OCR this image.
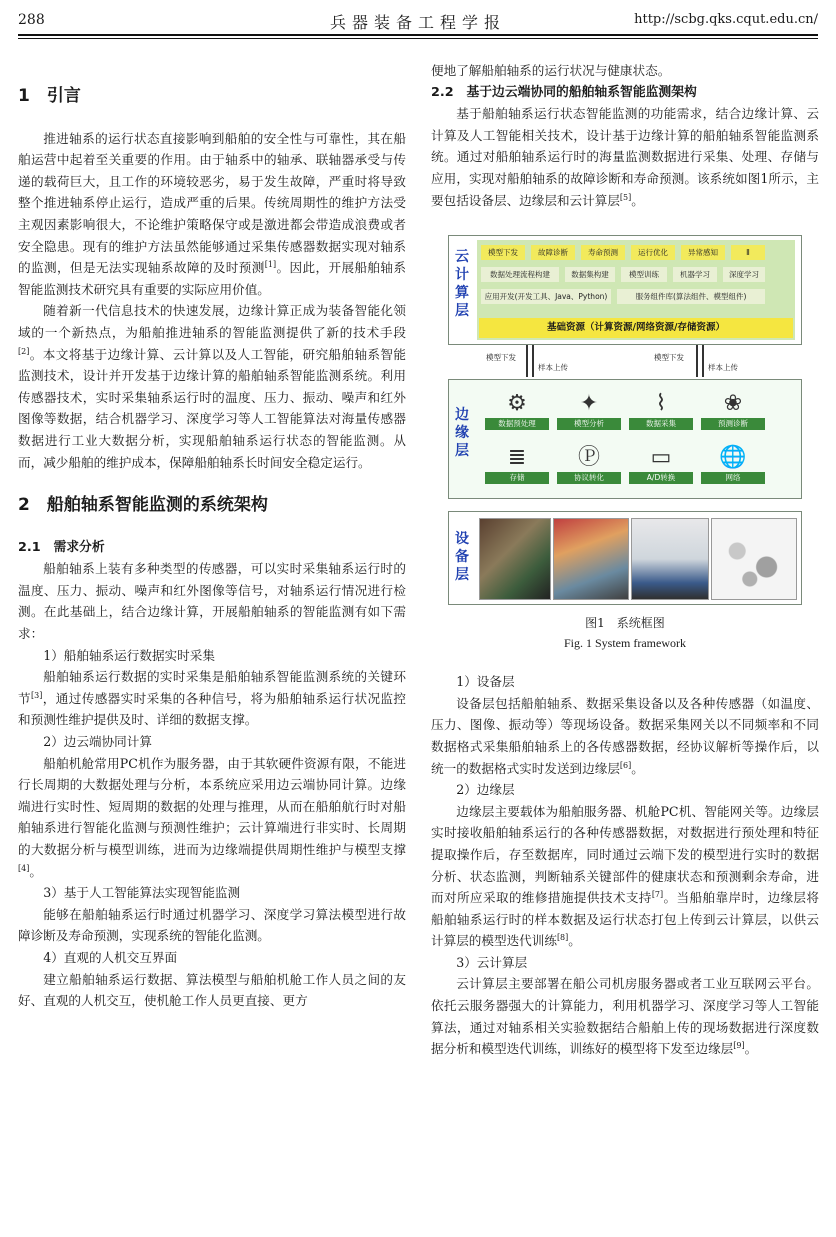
288	兵器装备工程学报	http://scbg.qks.cqut.edu.cn/
1　引言

推进轴系的运行状态直接影响到船舶的安全性与可靠性，其在船舶运营中起着至关重要的作用。由于轴系中的轴承、联轴器承受与传递的载荷巨大，且工作的环境较恶劣，易于发生故障，严重时将导致整个推进轴系停止运行，造成严重的后果。传统周期性的维护方法受主观因素影响很大，不论维护策略保守或是激进都会带造成浪费或者安全隐患。现有的维护方法虽然能够通过采集传感器数据实现对轴系的监测，但是无法实现轴系故障的及时预测[1]。因此，开展船舶轴系智能监测技术研究具有重要的实际应用价值。

随着新一代信息技术的快速发展，边缘计算正成为装备智能化领域的一个新热点，为船舶推进轴系的智能监测提供了新的技术手段[2]。本文将基于边缘计算、云计算以及人工智能，研究船舶轴系智能监测技术，设计并开发基于边缘计算的船舶轴系智能监测系统。利用传感器技术，实时采集轴系运行时的温度、压力、振动、噪声和红外图像等数据，结合机器学习、深度学习等人工智能算法对海量传感器数据进行工业大数据分析，实现船舶轴系运行状态的智能监测。从而，减少船舶的维护成本，保障船舶轴系长时间安全稳定运行。

2　船舶轴系智能监测的系统架构
2.1　需求分析

船舶轴系上装有多种类型的传感器，可以实时采集轴系运行时的温度、压力、振动、噪声和红外图像等信号，对轴系运行情况进行检测。在此基础上，结合边缘计算，开展船舶轴系的智能监测有如下需求：

1）船舶轴系运行数据实时采集

船舶轴系运行数据的实时采集是船舶轴系智能监测系统的关键环节[3]，通过传感器实时采集的各种信号，将为船舶轴系运行状况监控和预测性维护提供及时、详细的数据支撑。

2）边云端协同计算

船舶机舱常用PC机作为服务器，由于其软硬件资源有限，不能进行长周期的大数据处理与分析，本系统应采用边云端协同计算。边缘端进行实时性、短周期的数据的处理与推理，从而在船舶航行时对船舶轴系进行智能化监测与预测性维护；云计算端进行非实时、长周期的大数据分析与模型训练，进而为边缘端提供周期性维护与模型支撑[4]。

3）基于人工智能算法实现智能监测

能够在船舶轴系运行时通过机器学习、深度学习算法模型进行故障诊断及寿命预测，实现系统的智能化监测。

4）直观的人机交互界面

建立船舶轴系运行数据、算法模型与船舶机舱工作人员之间的友好、直观的人机交互，使机舱工作人员更直接、更方

便地了解船舶轴系的运行状况与健康状态。

2.2　基于边云端协同的船舶轴系智能监测架构

基于船舶轴系运行状态智能监测的功能需求，结合边缘计算、云计算及人工智能相关技术，设计基于边缘计算的船舶轴系智能监测系统。通过对船舶轴系运行时的海量监测数据进行采集、处理、存储与应用，实现对船舶轴系的故障诊断和寿命预测。该系统如图1所示，主要包括设备层、边缘层和云计算层[5]。

云计算层
模型下发	故障诊断	寿命预测	运行优化	异常感知	Ⅱ
数据处理流程构建	数据集构建	模型训练	机器学习	深度学习
应用开发(开发工具、Java、Python)	服务组件库(算法组件、模型组件)
基础资源（计算资源/网络资源/存储资源）
模型下发
样本上传
模型下发
样本上传
边缘层
⚙
数据预处理
✦
模型分析
⌇
数据采集
❀
预测诊断
≣
存储
Ⓟ
协议转化
▭
A/D转换
🌐
网络
设备层
图1　系统框图
Fig. 1 System framework

1）设备层

设备层包括船舶轴系、数据采集设备以及各种传感器（如温度、压力、图像、振动等）等现场设备。数据采集网关以不同频率和不同数据格式采集船舶轴系上的各传感器数据，经协议解析等操作后，以统一的数据格式实时发送到边缘层[6]。

2）边缘层

边缘层主要载体为船舶服务器、机舱PC机、智能网关等。边缘层实时接收船舶轴系运行的各种传感器数据，对数据进行预处理和特征提取操作后，存至数据库，同时通过云端下发的模型进行实时的数据分析、状态监测，判断轴系关键部件的健康状态和预测剩余寿命，进而对所应采取的维修措施提供技术支持[7]。当船舶靠岸时，边缘层将船舶轴系运行时的样本数据及运行状态打包上传到云计算层，以供云计算层的模型迭代训练[8]。

3）云计算层

云计算层主要部署在船公司机房服务器或者工业互联网云平台。依托云服务器强大的计算能力，利用机器学习、深度学习等人工智能算法，通过对轴系相关实验数据结合船舶上传的现场数据进行深度数据分析和模型迭代训练，训练好的模型将下发至边缘层[9]。
